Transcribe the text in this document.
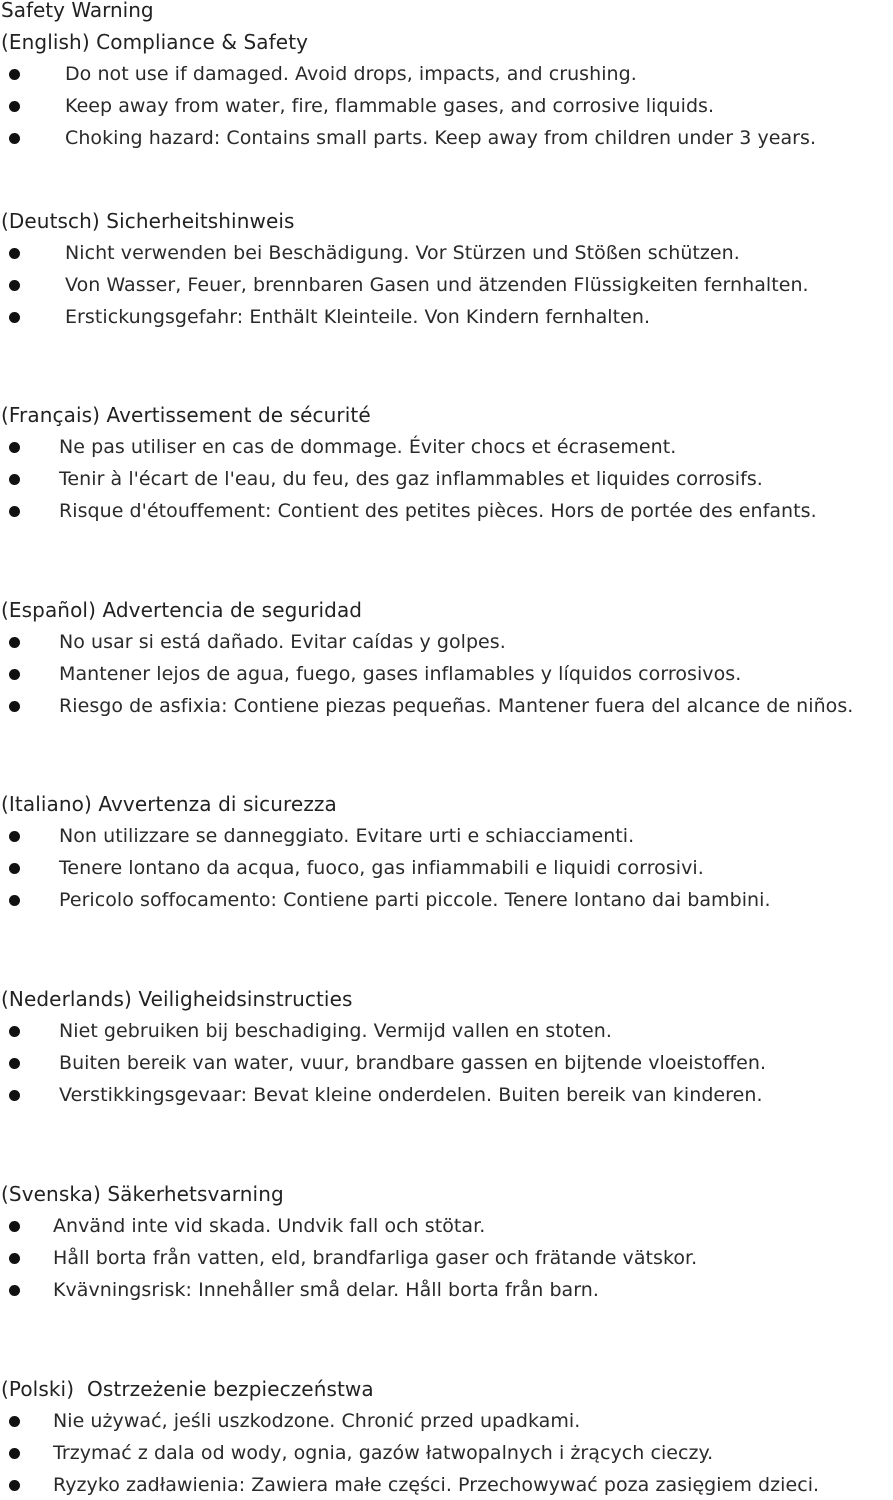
Safety Warning
(English) Compliance & Safety
Do not use if damaged. Avoid drops, impacts, and crushing.
Keep away from water, fire, flammable gases, and corrosive liquids.
Choking hazard: Contains small parts. Keep away from children under 3 years.
(Deutsch) Sicherheitshinweis
Nicht verwenden bei Beschädigung. Vor Stürzen und Stößen schützen.
Von Wasser, Feuer, brennbaren Gasen und ätzenden Flüssigkeiten fernhalten.
Erstickungsgefahr: Enthält Kleinteile. Von Kindern fernhalten.
(Français) Avertissement de sécurité
Ne pas utiliser en cas de dommage. Éviter chocs et écrasement.
Tenir à l'écart de l'eau, du feu, des gaz inflammables et liquides corrosifs.
Risque d'étouffement: Contient des petites pièces. Hors de portée des enfants.
(Español) Advertencia de seguridad
No usar si está dañado. Evitar caídas y golpes.
Mantener lejos de agua, fuego, gases inflamables y líquidos corrosivos.
Riesgo de asfixia: Contiene piezas pequeñas. Mantener fuera del alcance de niños.
(Italiano) Avvertenza di sicurezza
Non utilizzare se danneggiato. Evitare urti e schiacciamenti.
Tenere lontano da acqua, fuoco, gas infiammabili e liquidi corrosivi.
Pericolo soffocamento: Contiene parti piccole. Tenere lontano dai bambini.
(Nederlands) Veiligheidsinstructies
Niet gebruiken bij beschadiging. Vermijd vallen en stoten.
Buiten bereik van water, vuur, brandbare gassen en bijtende vloeistoffen.
Verstikkingsgevaar: Bevat kleine onderdelen. Buiten bereik van kinderen.
(Svenska) Säkerhetsvarning
Använd inte vid skada. Undvik fall och stötar.
Håll borta från vatten, eld, brandfarliga gaser och frätande vätskor.
Kvävningsrisk: Innehåller små delar. Håll borta från barn.
(Polski)  Ostrzeżenie bezpieczeństwa
Nie używać, jeśli uszkodzone. Chronić przed upadkami.
Trzymać z dala od wody, ognia, gazów łatwopalnych i żrących cieczy.
Ryzyko zadławienia: Zawiera małe części. Przechowywać poza zasięgiem dzieci.
